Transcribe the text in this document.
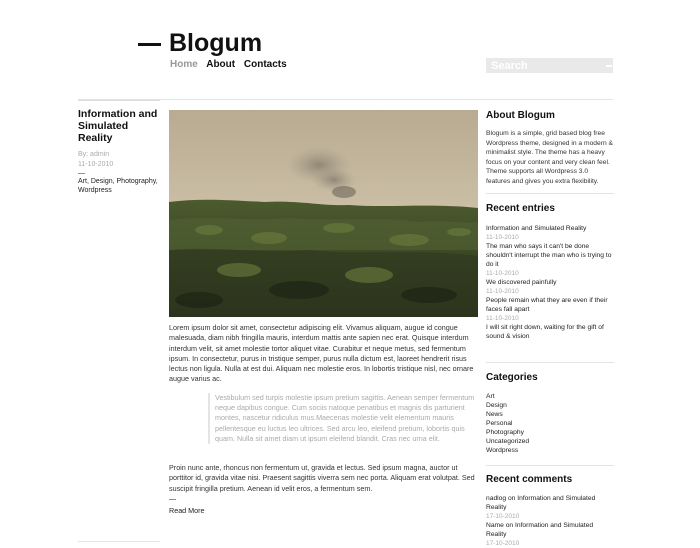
Blogum
Home About Contacts
Search
Information and Simulated Reality
By: admin
11-10-2010
—
Art, Design, Photography, Wordpress

Lorem ipsum dolor sit amet, consectetur adipiscing elit. Vivamus aliquam, augue id congue malesuada, diam nibh fringilla mauris, interdum mattis ante sapien nec erat. Quisque interdum interdum velit, sit amet molestie tortor aliquet vitae. Curabitur et neque metus, sed fermentum ipsum. In consectetur, purus in tristique semper, purus nulla dictum est, laoreet hendrerit risus lectus non ligula. Nulla at est dui. Aliquam nec molestie eros. In lobortis tristique nisl, nec ornare augue varius ac.

Vestibulum sed turpis molestie ipsum pretium sagittis. Aenean semper fermentum neque dapibus congue. Cum sociis natoque penatibus et magnis dis parturient montes, nascetur ridiculus mus.Maecenas molestie velit elementum mauris pellentesque eu luctus leo ultrices. Sed arcu leo, eleifend pretium, lobortis quis quam. Nulla sit amet diam ut ipsum eleifend blandit. Cras nec urna elit.

Proin nunc ante, rhoncus non fermentum ut, gravida et lectus. Sed ipsum magna, auctor ut porttitor id, gravida vitae nisi. Praesent sagittis viverra sem nec porta. Aliquam erat volutpat. Sed suscipit fringilla pretium. Aenean id velit eros, a fermentum sem.

—
Read More
About Blogum
Blogum is a simple, grid based blog free Wordpress theme, designed in a modern & minimalist style. The theme has a heavy focus on your content and very clean feel. Theme supports all Wordpress 3.0 features and gives you extra flexibility.
Recent entries
Information and Simulated Reality
11-10-2010
The man who says it can't be done shouldn't interrupt the man who is trying to do it
11-10-2010
We discovered painfully
11-10-2010
People remain what they are even if their faces fall apart
11-10-2010
I will sit right down, waiting for the gift of sound & vision
Categories
Art
Design
News
Personal
Photography
Uncategorized
Wordpress
Recent comments
nadlog on Information and Simulated Reality
17-10-2010
Name on Information and Simulated Reality
17-10-2010
